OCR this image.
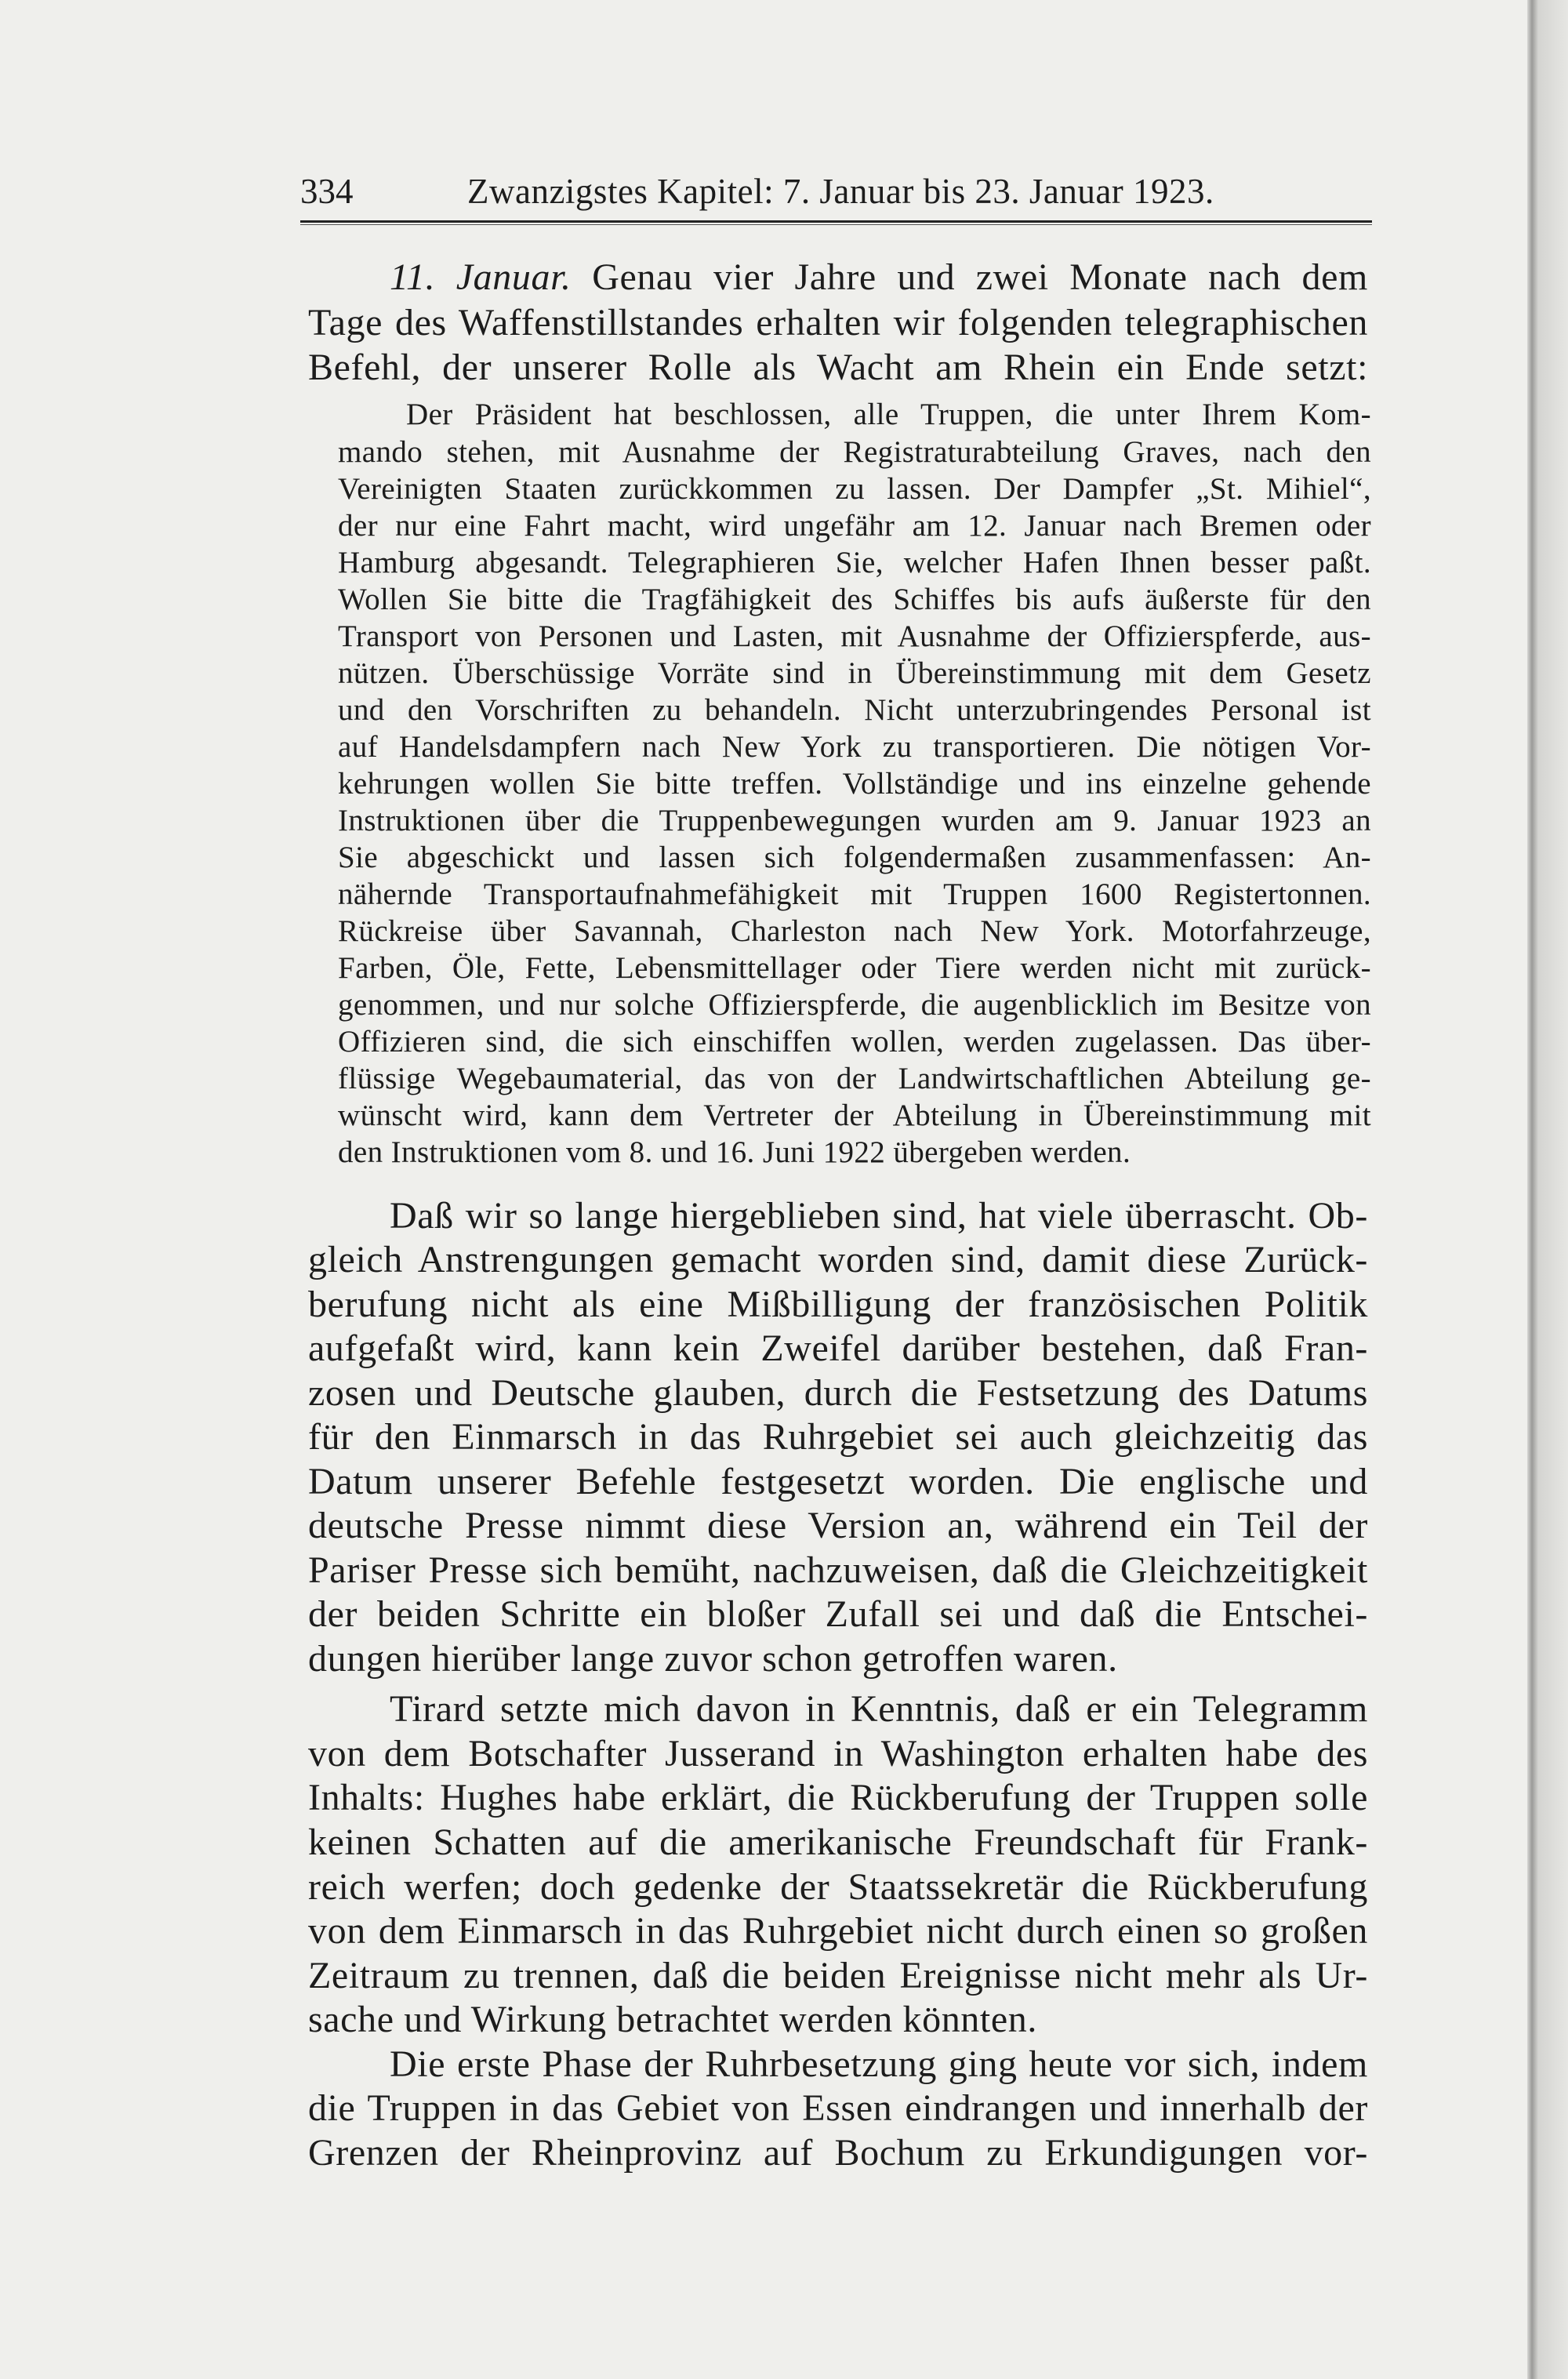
334	Zwanzigstes Kapitel: 7. Januar bis 23. Januar 1923.
11. Januar. Genau vier Jahre und zwei Monate nach dem
Tage des Waffenstillstandes erhalten wir folgenden telegraphischen
Befehl, der unserer Rolle als Wacht am Rhein ein Ende setzt:
Der Präsident hat beschlossen, alle Truppen, die unter Ihrem Kom-
mando stehen, mit Ausnahme der Registraturabteilung Graves, nach den
Vereinigten Staaten zurückkommen zu lassen. Der Dampfer „St. Mihiel“,
der nur eine Fahrt macht, wird ungefähr am 12. Januar nach Bremen oder
Hamburg abgesandt. Telegraphieren Sie, welcher Hafen Ihnen besser paßt.
Wollen Sie bitte die Tragfähigkeit des Schiffes bis aufs äußerste für den
Transport von Personen und Lasten, mit Ausnahme der Offizierspferde, aus-
nützen. Überschüssige Vorräte sind in Übereinstimmung mit dem Gesetz
und den Vorschriften zu behandeln. Nicht unterzubringendes Personal ist
auf Handelsdampfern nach New York zu transportieren. Die nötigen Vor-
kehrungen wollen Sie bitte treffen. Vollständige und ins einzelne gehende
Instruktionen über die Truppenbewegungen wurden am 9. Januar 1923 an
Sie abgeschickt und lassen sich folgendermaßen zusammenfassen: An-
nähernde Transportaufnahmefähigkeit mit Truppen 1600 Registertonnen.
Rückreise über Savannah, Charleston nach New York. Motorfahrzeuge,
Farben, Öle, Fette, Lebensmittellager oder Tiere werden nicht mit zurück-
genommen, und nur solche Offizierspferde, die augenblicklich im Besitze von
Offizieren sind, die sich einschiffen wollen, werden zugelassen. Das über-
flüssige Wegebaumaterial, das von der Landwirtschaftlichen Abteilung ge-
wünscht wird, kann dem Vertreter der Abteilung in Übereinstimmung mit
den Instruktionen vom 8. und 16. Juni 1922 übergeben werden.
Daß wir so lange hiergeblieben sind, hat viele überrascht. Ob-
gleich Anstrengungen gemacht worden sind, damit diese Zurück-
berufung nicht als eine Mißbilligung der französischen Politik
aufgefaßt wird, kann kein Zweifel darüber bestehen, daß Fran-
zosen und Deutsche glauben, durch die Festsetzung des Datums
für den Einmarsch in das Ruhrgebiet sei auch gleichzeitig das
Datum unserer Befehle festgesetzt worden. Die englische und
deutsche Presse nimmt diese Version an, während ein Teil der
Pariser Presse sich bemüht, nachzuweisen, daß die Gleichzeitigkeit
der beiden Schritte ein bloßer Zufall sei und daß die Entschei-
dungen hierüber lange zuvor schon getroffen waren.
Tirard setzte mich davon in Kenntnis, daß er ein Telegramm
von dem Botschafter Jusserand in Washington erhalten habe des
Inhalts: Hughes habe erklärt, die Rückberufung der Truppen solle
keinen Schatten auf die amerikanische Freundschaft für Frank-
reich werfen; doch gedenke der Staatssekretär die Rückberufung
von dem Einmarsch in das Ruhrgebiet nicht durch einen so großen
Zeitraum zu trennen, daß die beiden Ereignisse nicht mehr als Ur-
sache und Wirkung betrachtet werden könnten.
Die erste Phase der Ruhrbesetzung ging heute vor sich, indem
die Truppen in das Gebiet von Essen eindrangen und innerhalb der
Grenzen der Rheinprovinz auf Bochum zu Erkundigungen vor-
